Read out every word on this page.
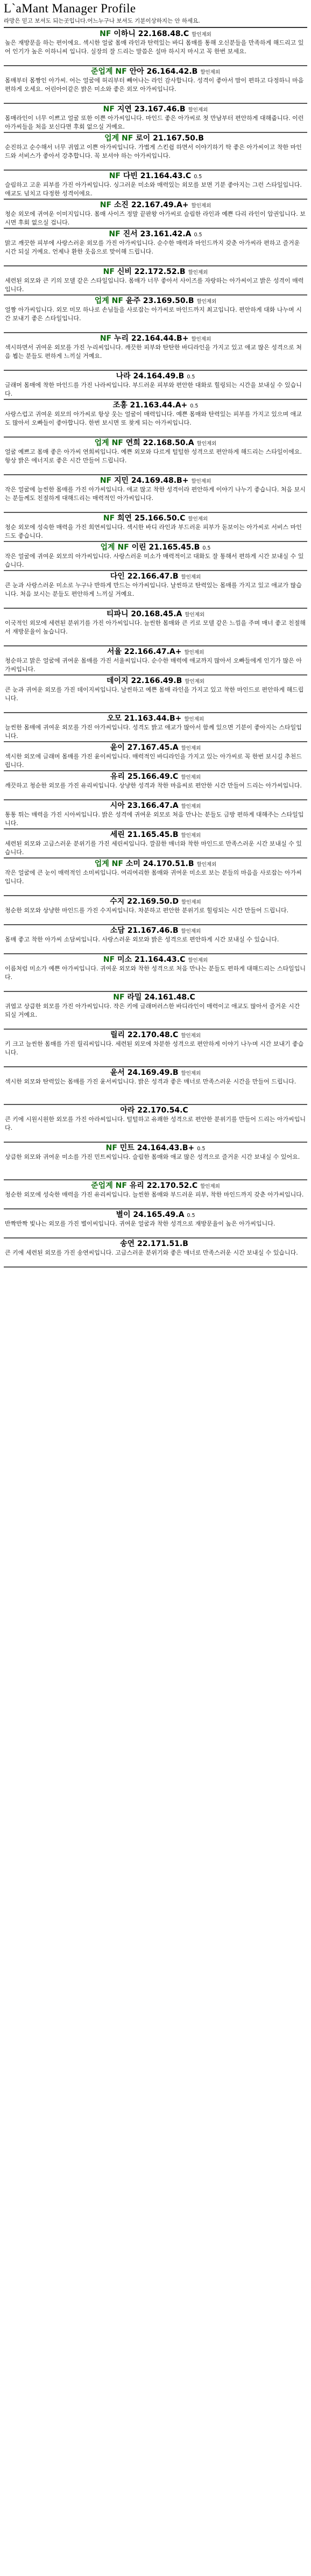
L`aMant Manager Profile
라망은 믿고 보셔도 되는곳입니다.어느누구나 보셔도 기분이상하지는 안 하세요.
NF 이하니 22.168.48.C 할인제외
높은 재방문을 하는 편이에요. 섹시한 얼굴 몸매 라인과 탄력있는 바디 몸매를 통해 오신분들을 만족하게 해드리고 있어 인기가 높은 이하니씨 입니다. 실장의 잘 드리는 말씀은 설마 하시지 마시고 꼭 한번 보세요.
준업계 NF 안아 26.164.42.B 할인제외
몸매부터 몸짱인 아가씨. 어는 얼굴에 허리부터 빼어나는 라인 감사합니다. 성격이 좋아서 맘이 편하고 다정하니 마음 편하게 오세요. 어린아이같은 밝은 미소와 좋은 외모 아가씨입니다.
NF 지연 23.167.46.B 할인제외
몸매라인이 너무 이쁘고 얼굴 또한 이쁜 아가씨입니다. 마인드 좋은 아가씨로 첫 만남부터 편안하게 대해줍니다. 이런 아가씨들을 처음 보신다면 후회 없으실 거예요.
업계 NF 로이 21.167.50.B
순진하고 순수해서 너무 귀엽고 이쁜 아가씨입니다. 가볍게 스킨쉽 하면서 이야기하기 딱 좋은 아가씨이고 착한 마인드와 서비스가 좋아서 강추합니다. 꼭 보셔야 하는 아가씨입니다.
NF 다빈 21.164.43.C 0.5
슬림하고 고운 피부를 가진 아가씨입니다. 싱그러운 미소와 매력있는 외모를 보면 기분 좋아지는 그런 스타일입니다. 애교도 넘치고 다정한 성격이에요.
NF 소진 22.167.49.A+ 할인제외
청순 외모에 귀여운 이미지입니다. 몸매 사이즈 정말 끝판왕 아가씨로 슬림한 라인과 예쁜 다리 라인이 압권입니다. 보시면 후회 없으실 겁니다.
NF 진서 23.161.42.A 0.5
맑고 깨끗한 피부에 사랑스러운 외모를 가진 아가씨입니다. 순수한 매력과 마인드까지 갖춘 아가씨라 편하고 즐거운 시간 되실 거예요. 언제나 환한 웃음으로 맞이해 드립니다.
NF 신비 22.172.52.B 할인제외
세련된 외모와 큰 키의 모델 같은 스타일입니다. 몸매가 너무 좋아서 사이즈를 자랑하는 아가씨이고 밝은 성격이 매력입니다.
업계 NF 윤주 23.169.50.B 할인제외
얼짱 아가씨입니다. 외모 미모 하나로 손님들을 사로잡는 아가씨로 마인드까지 최고입니다. 편안하게 대화 나누며 시간 보내기 좋은 스타일입니다.
NF 누리 22.164.44.B+ 할인제외
섹시하면서 귀여운 외모를 가진 누리씨입니다. 깨끗한 피부와 탄탄한 바디라인을 가지고 있고 애교 많은 성격으로 처음 뵙는 분들도 편하게 느끼실 거예요.
나라 24.164.49.B 0.5
글래머 몸매에 착한 마인드를 가진 나라씨입니다. 부드러운 피부와 편안한 대화로 힐링되는 시간을 보내실 수 있습니다.
조흥 21.163.44.A+ 0.5
사랑스럽고 귀여운 외모의 아가씨로 항상 웃는 얼굴이 매력입니다. 예쁜 몸매와 탄력있는 피부를 가지고 있으며 애교도 많아서 오빠들이 좋아합니다. 한번 보시면 또 찾게 되는 아가씨입니다.
업계 NF 연희 22.168.50.A 할인제외
얼굴 예쁘고 몸매 좋은 아가씨 연희씨입니다. 예쁜 외모와 다르게 털털한 성격으로 편안하게 해드리는 스타일이에요. 항상 밝은 에너지로 좋은 시간 만들어 드립니다.
NF 지민 24.169.48.B+ 할인제외
작은 얼굴에 늘씬한 몸매를 가진 아가씨입니다. 애교 많고 착한 성격이라 편안하게 이야기 나누기 좋습니다. 처음 보시는 분들께도 친절하게 대해드리는 매력적인 아가씨입니다.
NF 희연 25.166.50.C 할인제외
청순 외모에 성숙한 매력을 가진 희연씨입니다. 섹시한 바디 라인과 부드러운 피부가 돋보이는 아가씨로 서비스 마인드도 좋습니다.
업계 NF 이린 21.165.45.B 0.5
작은 얼굴에 귀여운 외모의 아가씨입니다. 사랑스러운 미소가 매력적이고 대화도 잘 통해서 편하게 시간 보내실 수 있습니다.
다인 22.166.47.B 할인제외
큰 눈과 사랑스러운 미소로 누구나 반하게 만드는 아가씨입니다. 날씬하고 탄력있는 몸매를 가지고 있고 애교가 많습니다. 처음 보시는 분들도 편안하게 느끼실 거예요.
티파니 20.168.45.A 할인제외
이국적인 외모에 세련된 분위기를 가진 아가씨입니다. 늘씬한 몸매와 큰 키로 모델 같은 느낌을 주며 매너 좋고 친절해서 재방문율이 높습니다.
서율 22.166.47.A+ 할인제외
청순하고 맑은 얼굴에 귀여운 몸매를 가진 서율씨입니다. 순수한 매력에 애교까지 많아서 오빠들에게 인기가 많은 아가씨입니다.
데이지 22.166.49.B 할인제외
큰 눈과 귀여운 외모를 가진 데이지씨입니다. 날씬하고 예쁜 몸매 라인을 가지고 있고 착한 마인드로 편안하게 해드립니다.
오모 21.163.44.B+ 할인제외
늘씬한 몸매에 귀여운 외모를 가진 아가씨입니다. 성격도 밝고 애교가 많아서 함께 있으면 기분이 좋아지는 스타일입니다.
윤이 27.167.45.A 할인제외
섹시한 외모에 글래머 몸매를 가진 윤이씨입니다. 매력적인 바디라인을 가지고 있는 아가씨로 꼭 한번 보시길 추천드립니다.
유리 25.166.49.C 할인제외
깨끗하고 청순한 외모를 가진 유리씨입니다. 상냥한 성격과 착한 마음씨로 편안한 시간 만들어 드리는 아가씨입니다.
시아 23.166.47.A 할인제외
통통 튀는 매력을 가진 시아씨입니다. 밝은 성격에 귀여운 외모로 처음 만나는 분들도 금방 편하게 대해주는 스타일입니다.
세린 21.165.45.B 할인제외
세련된 외모와 고급스러운 분위기를 가진 세린씨입니다. 깔끔한 매너와 착한 마인드로 만족스러운 시간 보내실 수 있습니다.
업계 NF 소미 24.170.51.B 할인제외
작은 얼굴에 큰 눈이 매력적인 소미씨입니다. 여리여리한 몸매와 귀여운 미소로 보는 분들의 마음을 사로잡는 아가씨입니다.
수지 22.169.50.D 할인제외
청순한 외모와 상냥한 마인드를 가진 수지씨입니다. 차분하고 편안한 분위기로 힐링되는 시간 만들어 드립니다.
소담 21.167.46.B 할인제외
몸매 좋고 착한 아가씨 소담씨입니다. 사랑스러운 외모와 밝은 성격으로 편안하게 시간 보내실 수 있습니다.
NF 미소 21.164.43.C 할인제외
이름처럼 미소가 예쁜 아가씨입니다. 귀여운 외모와 착한 성격으로 처음 만나는 분들도 편하게 대해드리는 스타일입니다.
NF 라밀 24.161.48.C
귀엽고 상큼한 외모를 가진 아가씨입니다. 작은 키에 글래머러스한 바디라인이 매력이고 애교도 많아서 즐거운 시간 되실 거예요.
릴리 22.170.48.C 할인제외
키 크고 늘씬한 몸매를 가진 릴리씨입니다. 세련된 외모에 차분한 성격으로 편안하게 이야기 나누며 시간 보내기 좋습니다.
윤서 24.169.49.B 할인제외
섹시한 외모와 탄력있는 몸매를 가진 윤서씨입니다. 밝은 성격과 좋은 매너로 만족스러운 시간을 만들어 드립니다.
아라 22.170.54.C
큰 키에 시원시원한 외모를 가진 아라씨입니다. 털털하고 유쾌한 성격으로 편안한 분위기를 만들어 드리는 아가씨입니다.
NF 민트 24.164.43.B+ 0.5
상큼한 외모와 귀여운 미소를 가진 민트씨입니다. 슬림한 몸매와 애교 많은 성격으로 즐거운 시간 보내실 수 있어요.
준업계 NF 유리 22.170.52.C 할인제외
청순한 외모에 성숙한 매력을 가진 유리씨입니다. 늘씬한 몸매와 부드러운 피부, 착한 마인드까지 갖춘 아가씨입니다.
별이 24.165.49.A 0.5
반짝반짝 빛나는 외모를 가진 별이씨입니다. 귀여운 얼굴과 착한 성격으로 재방문율이 높은 아가씨입니다.
송연 22.171.51.B
큰 키에 세련된 외모를 가진 송연씨입니다. 고급스러운 분위기와 좋은 매너로 만족스러운 시간 보내실 수 있습니다.
